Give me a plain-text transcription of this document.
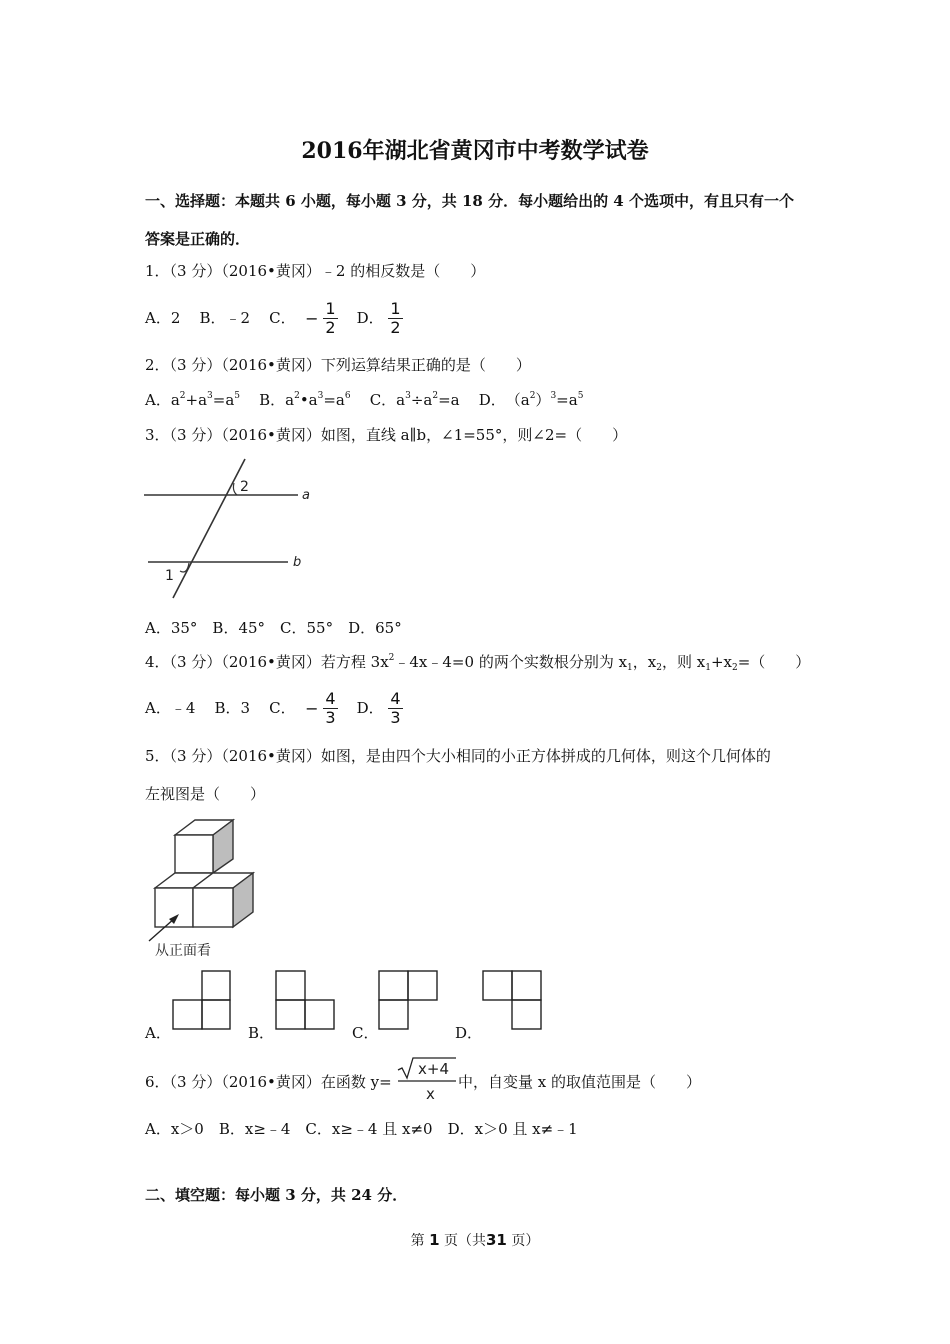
2016年湖北省黄冈市中考数学试卷
一、选择题：本题共 6 小题，每小题 3 分，共 18 分．每小题给出的 4 个选项中，有且只有一个
答案是正确的．
1．（3 分）（2016•黄冈）﹣2 的相反数是（　　）
A．2 B．﹣2 C． − $\frac{1}{2}$ D． $\frac{1}{2}$
2．（3 分）（2016•黄冈）下列运算结果正确的是（　　）
A．$a^2+a^3=a^5$ B．$a^2•a^3=a^6$ C．$a^3\div a^2=a$ D．$(a^2)^3=a^5$
3．（3 分）（2016•黄冈）如图，直线 a∥b，∠1=55°，则∠2=（　　）
2
1
a
b
A．35°　B．45°　C．55°　D．65°
4．（3 分）（2016•黄冈）若方程 $3x^2﹣4x﹣4=0$ 的两个实数根分别为 $x_1$，$x_2$，则 $x_1+x_2=$（　　）
A．﹣4 B．3 C． − $\frac{4}{3}$ D． $\frac{4}{3}$
5．（3 分）（2016•黄冈）如图，是由四个大小相同的小正方体拼成的几何体，则这个几何体的
左视图是（　　）
从正面看
A．	B．	C．	D．
6．（3 分）（2016•黄冈）在函数 y=
x+4
x
中，自变量 x 的取值范围是（　　）
A．x＞0　B．x≥﹣4　C．x≥﹣4 且 x≠0　D．x＞0 且 x≠﹣1
二、填空题：每小题 3 分，共 24 分．
第 1 页（共31 页）
